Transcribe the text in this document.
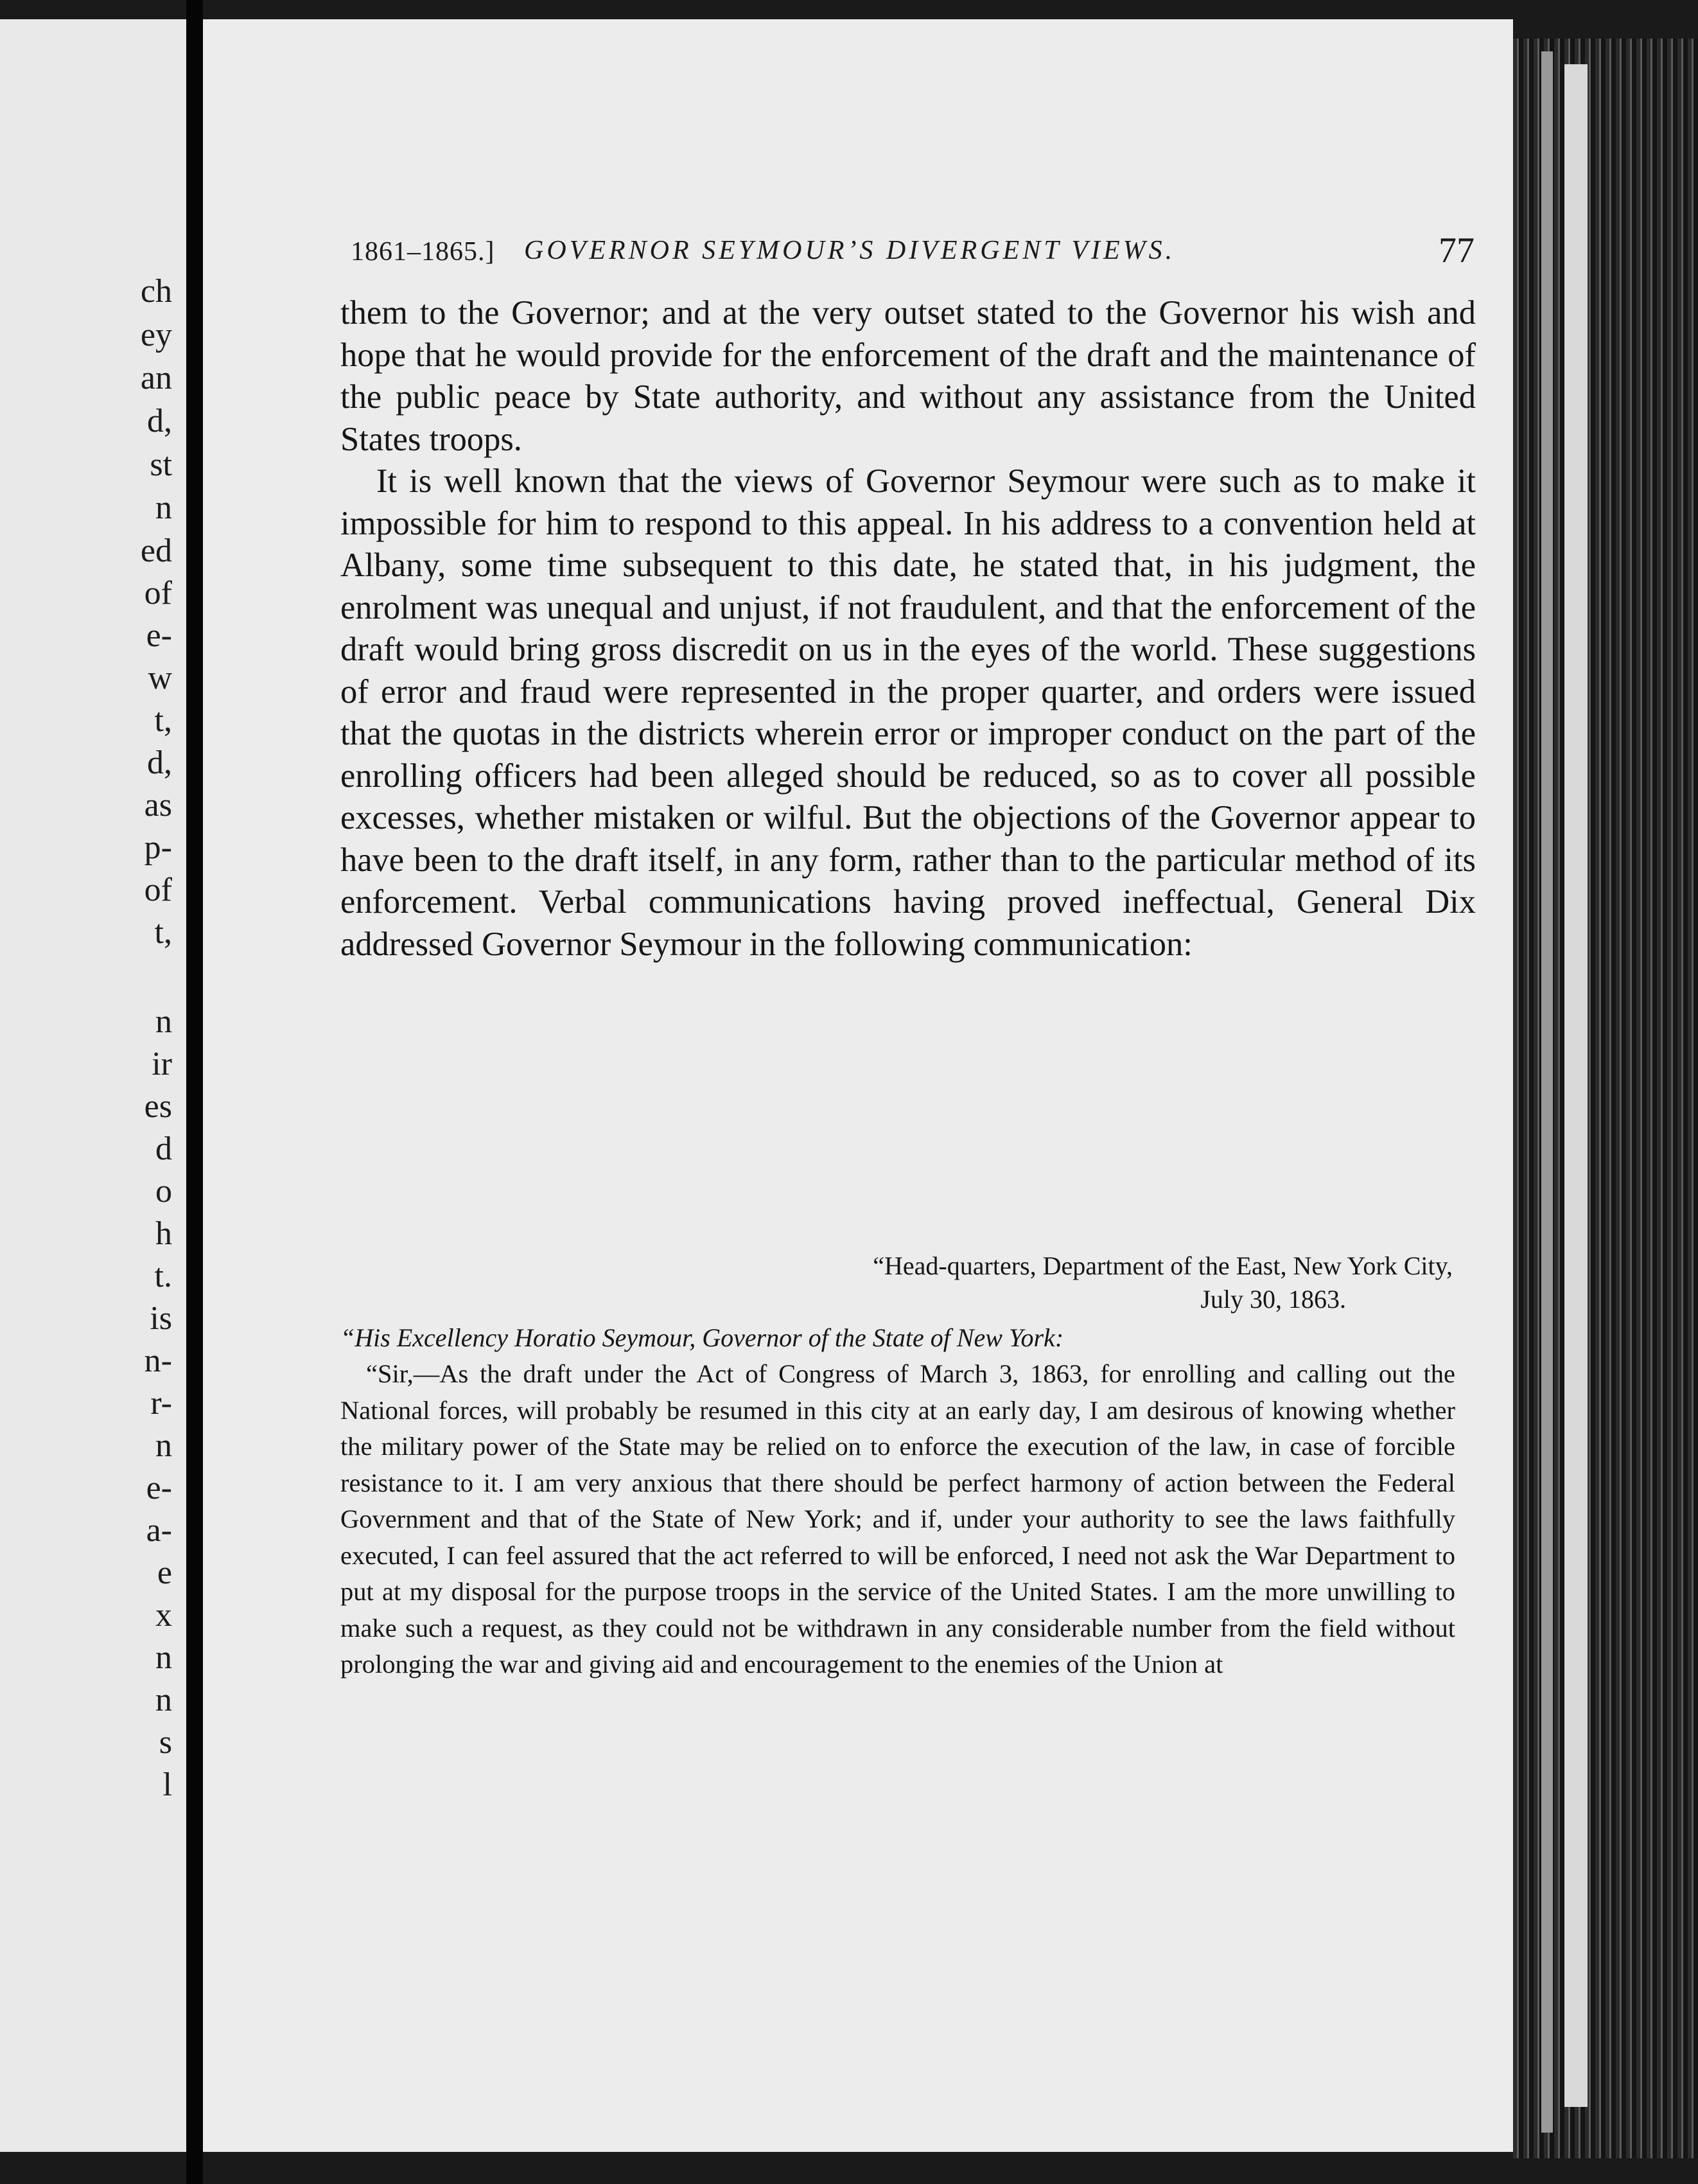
ch
ey
an
d,
st
n
ed
of
e-
w
t,
d,
as
p-
of
t,
n
ir
es
d
o
h
t.
is
n-
r-
n
e-
a-
e
x
n
n
s
l
1861–1865.] GOVERNOR SEYMOUR’S DIVERGENT VIEWS.	77

them to the Governor; and at the very outset stated to the Governor his wish and hope that he would provide for the enforcement of the draft and the maintenance of the public peace by State authority, and without any assistance from the United States troops.

It is well known that the views of Governor Seymour were such as to make it impossible for him to respond to this appeal. In his address to a convention held at Albany, some time subsequent to this date, he stated that, in his judgment, the enrolment was unequal and unjust, if not fraudulent, and that the enforcement of the draft would bring gross discredit on us in the eyes of the world. These suggestions of error and fraud were represented in the proper quarter, and orders were issued that the quotas in the districts wherein error or improper conduct on the part of the enrolling officers had been alleged should be reduced, so as to cover all possible excesses, whether mistaken or wilful. But the objections of the Governor appear to have been to the draft itself, in any form, rather than to the particular method of its enforcement. Verbal communications having proved ineffectual, General Dix addressed Governor Seymour in the following communication:

“Head-quarters, Department of the East, New York City,

July 30, 1863.

“His Excellency Horatio Seymour, Governor of the State of New York:

“Sir,—As the draft under the Act of Congress of March 3, 1863, for enrolling and calling out the National forces, will probably be resumed in this city at an early day, I am desirous of knowing whether the military power of the State may be relied on to enforce the execution of the law, in case of forcible resistance to it. I am very anxious that there should be perfect harmony of action between the Federal Government and that of the State of New York; and if, under your authority to see the laws faithfully executed, I can feel assured that the act referred to will be enforced, I need not ask the War Department to put at my disposal for the purpose troops in the service of the United States. I am the more unwilling to make such a request, as they could not be withdrawn in any considerable number from the field without prolonging the war and giving aid and encouragement to the enemies of the Union at
